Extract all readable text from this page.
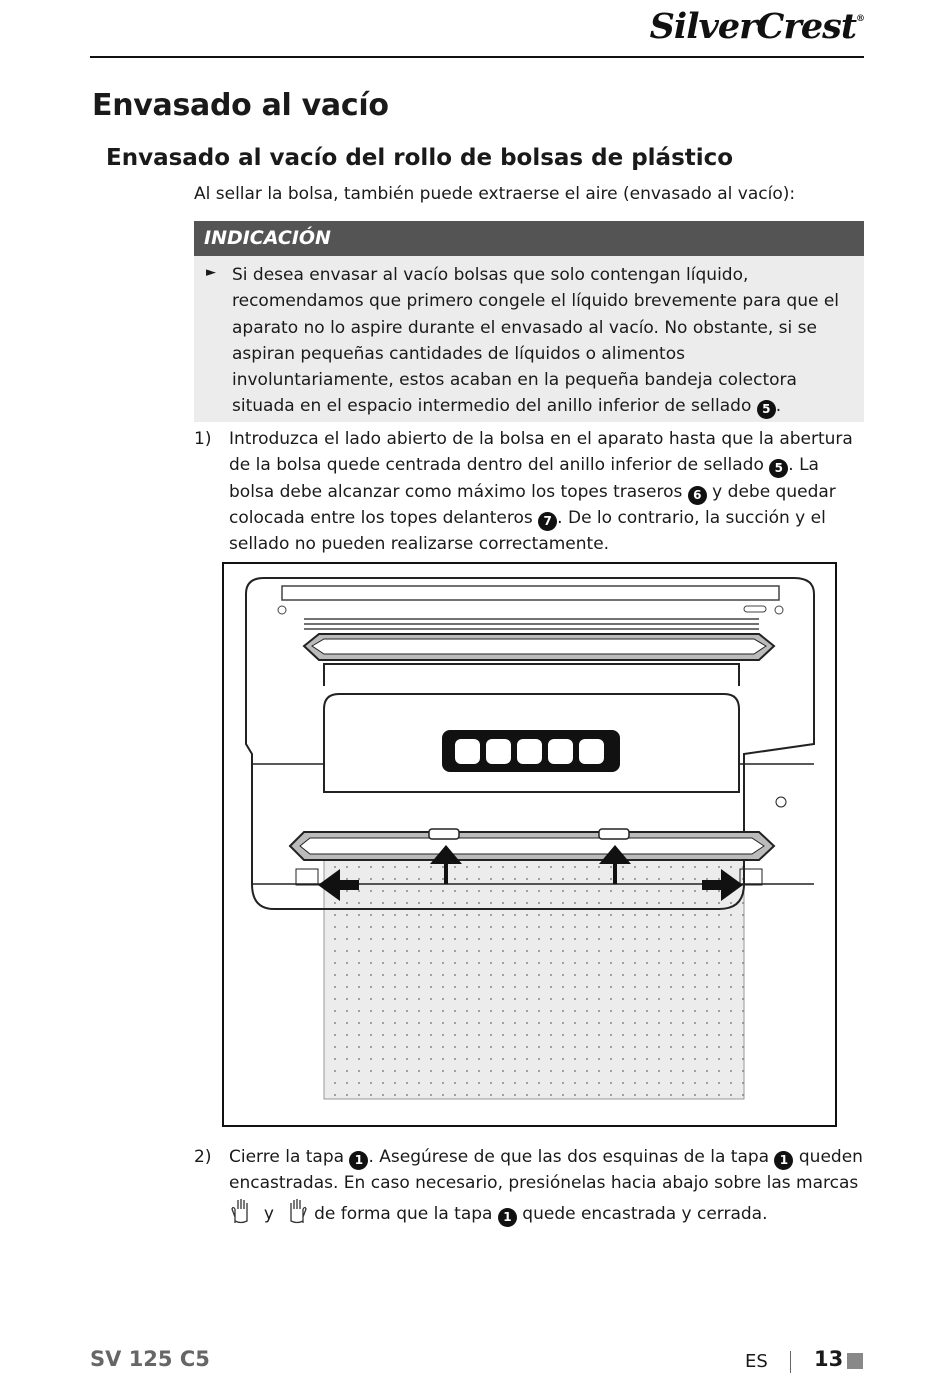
SilverCrest®
Envasado al vacío
Envasado al vacío del rollo de bolsas de plástico
Al sellar la bolsa, también puede extraerse el aire (envasado al vacío):
INDICACIÓN
► Si desea envasar al vacío bolsas que solo contengan líquido, recomendamos que primero congele el líquido brevemente para que el aparato no lo aspire durante el envasado al vacío. No obstante, si se aspiran pequeñas cantidades de líquidos o alimentos involuntariamente, estos acaban en la pequeña bandeja colectora situada en el espacio intermedio del anillo inferior de sellado 5 .
1) Introduzca el lado abierto de la bolsa en el aparato hasta que la abertura de la bolsa quede centrada dentro del anillo inferior de sellado 5 . La bolsa debe alcanzar como máximo los topes traseros 6 y debe quedar colocada entre los topes delanteros 7 . De lo contrario, la succión y el sellado no pueden realizarse correctamente.
2) Cierre la tapa 1 . Asegúrese de que las dos esquinas de la tapa 1 queden encastradas. En caso necesario, presiónelas hacia abajo sobre las marcas
y de forma que la tapa 1 quede encastrada y cerrada.
SV 125 C5	ES 13
